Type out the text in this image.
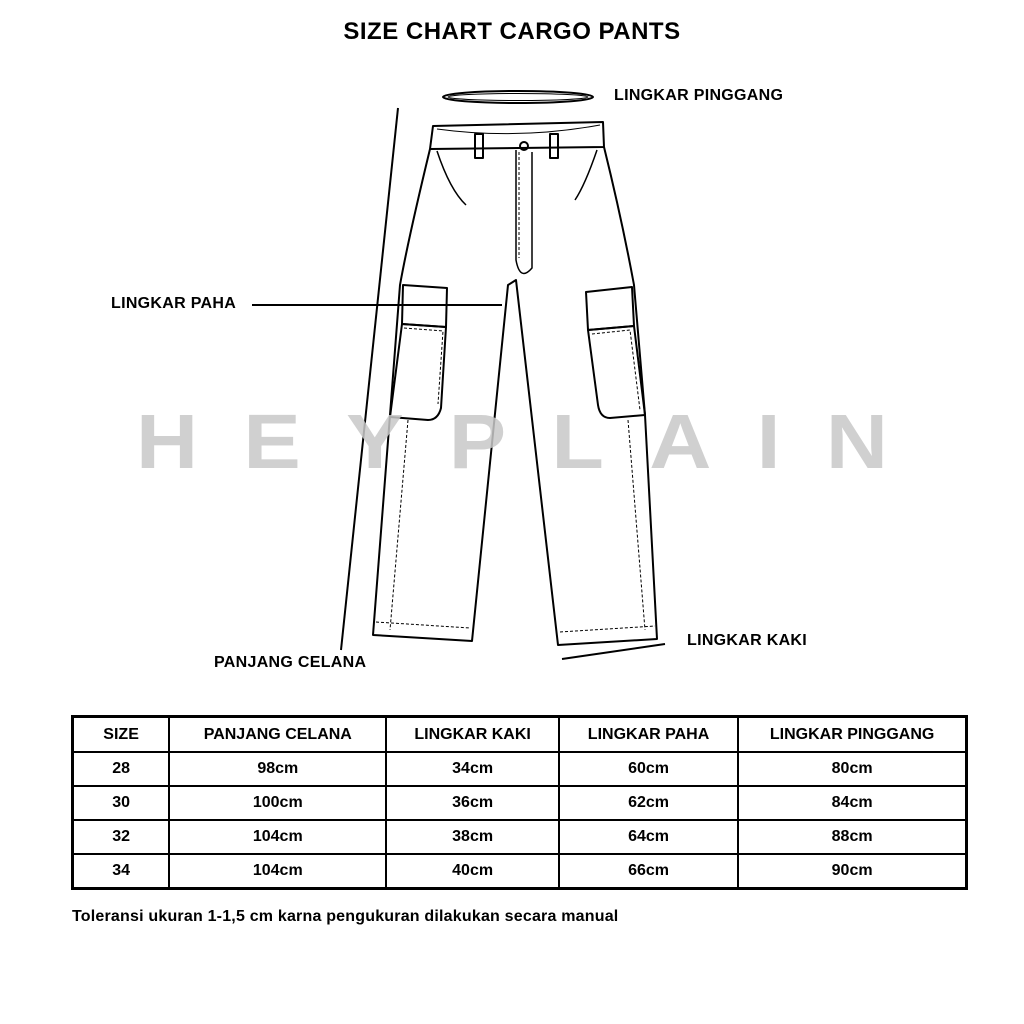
SIZE CHART CARGO PANTS
H E Y P L A I N
LINGKAR PINGGANG
LINGKAR PAHA
LINGKAR KAKI
PANJANG CELANA
SIZE	PANJANG CELANA	LINGKAR KAKI	LINGKAR PAHA	LINGKAR PINGGANG
28	98cm	34cm	60cm	80cm
30	100cm	36cm	62cm	84cm
32	104cm	38cm	64cm	88cm
34	104cm	40cm	66cm	90cm
Toleransi ukuran 1-1,5 cm karna pengukuran dilakukan secara manual
